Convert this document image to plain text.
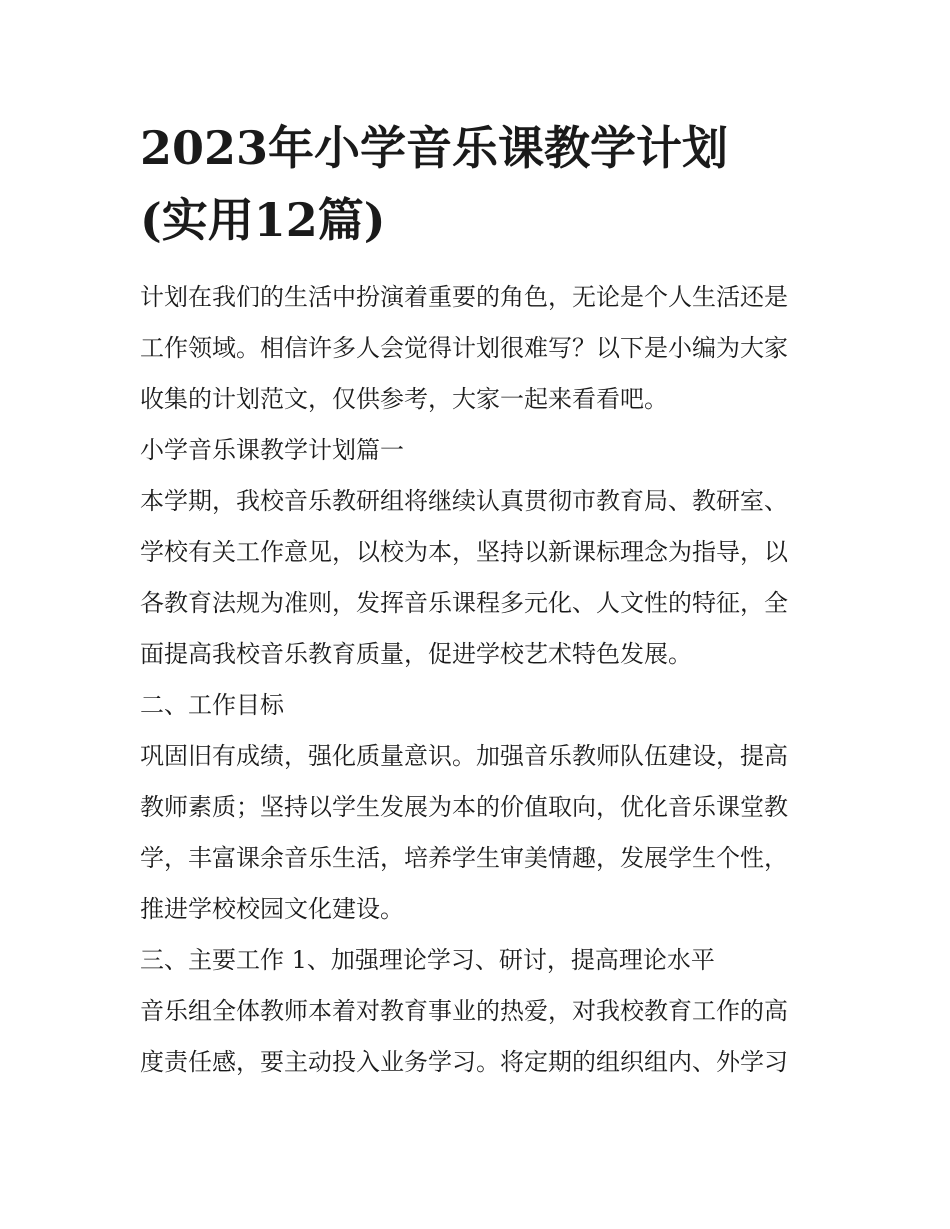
2023年小学音乐课教学计划
(实用12篇)
计划在我们的生活中扮演着重要的角色，无论是个人生活还是
工作领域。相信许多人会觉得计划很难写？以下是小编为大家
收集的计划范文，仅供参考，大家一起来看看吧。
小学音乐课教学计划篇一
本学期，我校音乐教研组将继续认真贯彻市教育局、教研室、
学校有关工作意见，以校为本，坚持以新课标理念为指导，以
各教育法规为准则，发挥音乐课程多元化、人文性的特征，全
面提高我校音乐教育质量，促进学校艺术特色发展。
二、工作目标
巩固旧有成绩，强化质量意识。加强音乐教师队伍建设，提高
教师素质；坚持以学生发展为本的价值取向，优化音乐课堂教
学，丰富课余音乐生活，培养学生审美情趣，发展学生个性，
推进学校校园文化建设。
三、主要工作 1、加强理论学习、研讨，提高理论水平
音乐组全体教师本着对教育事业的热爱，对我校教育工作的高
度责任感，要主动投入业务学习。将定期的组织组内、外学习
